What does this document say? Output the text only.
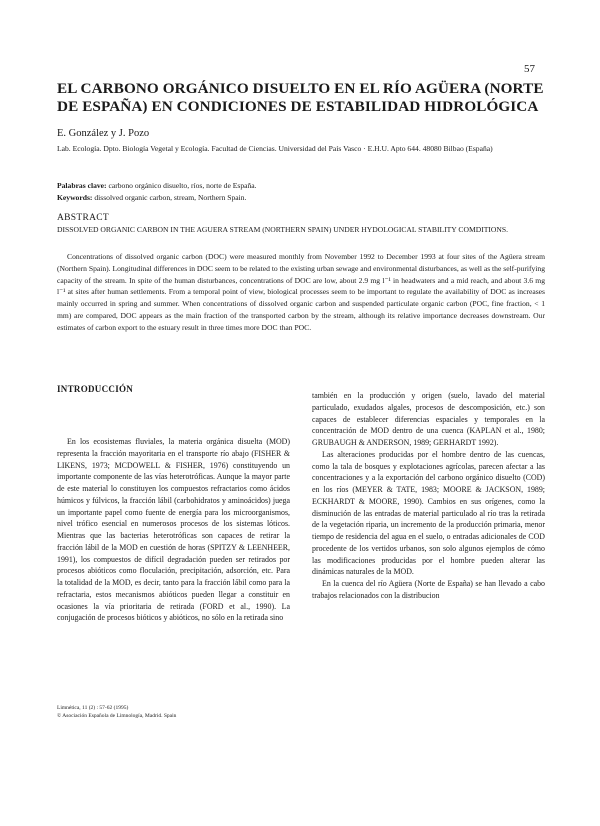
57
EL CARBONO ORGÁNICO DISUELTO EN EL RÍO AGÜERA (NORTE DE ESPAÑA) EN CONDICIONES DE ESTABILIDAD HIDROLÓGICA
E. González y J. Pozo
Lab. Ecología. Dpto. Biología Vegetal y Ecología. Facultad de Ciencias. Universidad del País Vasco · E.H.U. Apto 644. 48080 Bilbao (España)
Palabras clave: carbono orgánico disuelto, ríos, norte de España.
Keywords: dissolved organic carbon, stream, Northern Spain.
ABSTRACT
DISSOLVED ORGANIC CARBON IN THE AGUERA STREAM (NORTHERN SPAIN) UNDER HYDOLOGICAL STABILITY COMDITIONS.
Concentrations of dissolved organic carbon (DOC) were measured monthly from November 1992 to December 1993 at four sites of the Agüera stream (Northern Spain). Longitudinal differences in DOC seem to be related to the existing urban sewage and environmental disturbances, as well as the self-purifying capacity of the stream. In spite of the human disturbances, concentrations of DOC are low, about 2.9 mg l⁻¹ in headwaters and a mid reach, and about 3.6 mg l⁻¹ at sites after human settlements. From a temporal point of view, biological processes seem to be important to regulate the availability of DOC as increases mainly occurred in spring and summer. When concentrations of dissolved organic carbon and suspended particulate organic carbon (POC, fine fraction, < 1 mm) are compared, DOC appears as the main fraction of the transported carbon by the stream, although its relative importance decreases downstream. Our estimates of carbon export to the estuary result in three times more DOC than POC.
INTRODUCCIÓN

En los ecosistemas fluviales, la materia orgánica disuelta (MOD) representa la fracción mayoritaria en el transporte río abajo (FISHER & LIKENS, 1973; MCDOWELL & FISHER, 1976) constituyendo un importante componente de las vías heterotróficas. Aunque la mayor parte de este material lo constituyen los compuestos refractarios como ácidos húmicos y fúlvicos, la fracción lábil (carbohidratos y aminoácidos) juega un importante papel como fuente de energía para los microorganismos, nivel trófico esencial en numerosos procesos de los sistemas lóticos. Mientras que las bacterias heterotróficas son capaces de retirar la fracción lábil de la MOD en cuestión de horas (SPITZY & LEENHEER, 1991), los compuestos de difícil degradación pueden ser retirados por procesos abióticos como floculación, precipitación, adsorción, etc. Para la totalidad de la MOD, es decir, tanto para la fracción lábil como para la refractaria, estos mecanismos abióticos pueden llegar a constituir en ocasiones la vía prioritaria de retirada (FORD et al., 1990). La conjugación de procesos bióticos y abióticos, no sólo en la retirada sino

también en la producción y origen (suelo, lavado del material particulado, exudados algales, procesos de descomposición, etc.) son capaces de establecer diferencias espaciales y temporales en la concentración de MOD dentro de una cuenca (KAPLAN et al., 1980; GRUBAUGH & ANDERSON, 1989; GERHARDT 1992).

Las alteraciones producidas por el hombre dentro de las cuencas, como la tala de bosques y explotaciones agrícolas, parecen afectar a las concentraciones y a la exportación del carbono orgánico disuelto (COD) en los ríos (MEYER & TATE, 1983; MOORE & JACKSON, 1989; ECKHARDT & MOORE, 1990). Cambios en sus orígenes, como la disminución de las entradas de material particulado al río tras la retirada de la vegetación riparia, un incremento de la producción primaria, menor tiempo de residencia del agua en el suelo, o entradas adicionales de COD procedente de los vertidos urbanos, son solo algunos ejemplos de cómo las modificaciones producidas por el hombre pueden alterar las dinámicas naturales de la MOD.

En la cuenca del río Agüera (Norte de España) se han llevado a cabo trabajos relacionados con la distribucion

Limnética, 11 (2) : 57-62 (1995)
© Asociación Española de Limnología, Madrid. Spain
